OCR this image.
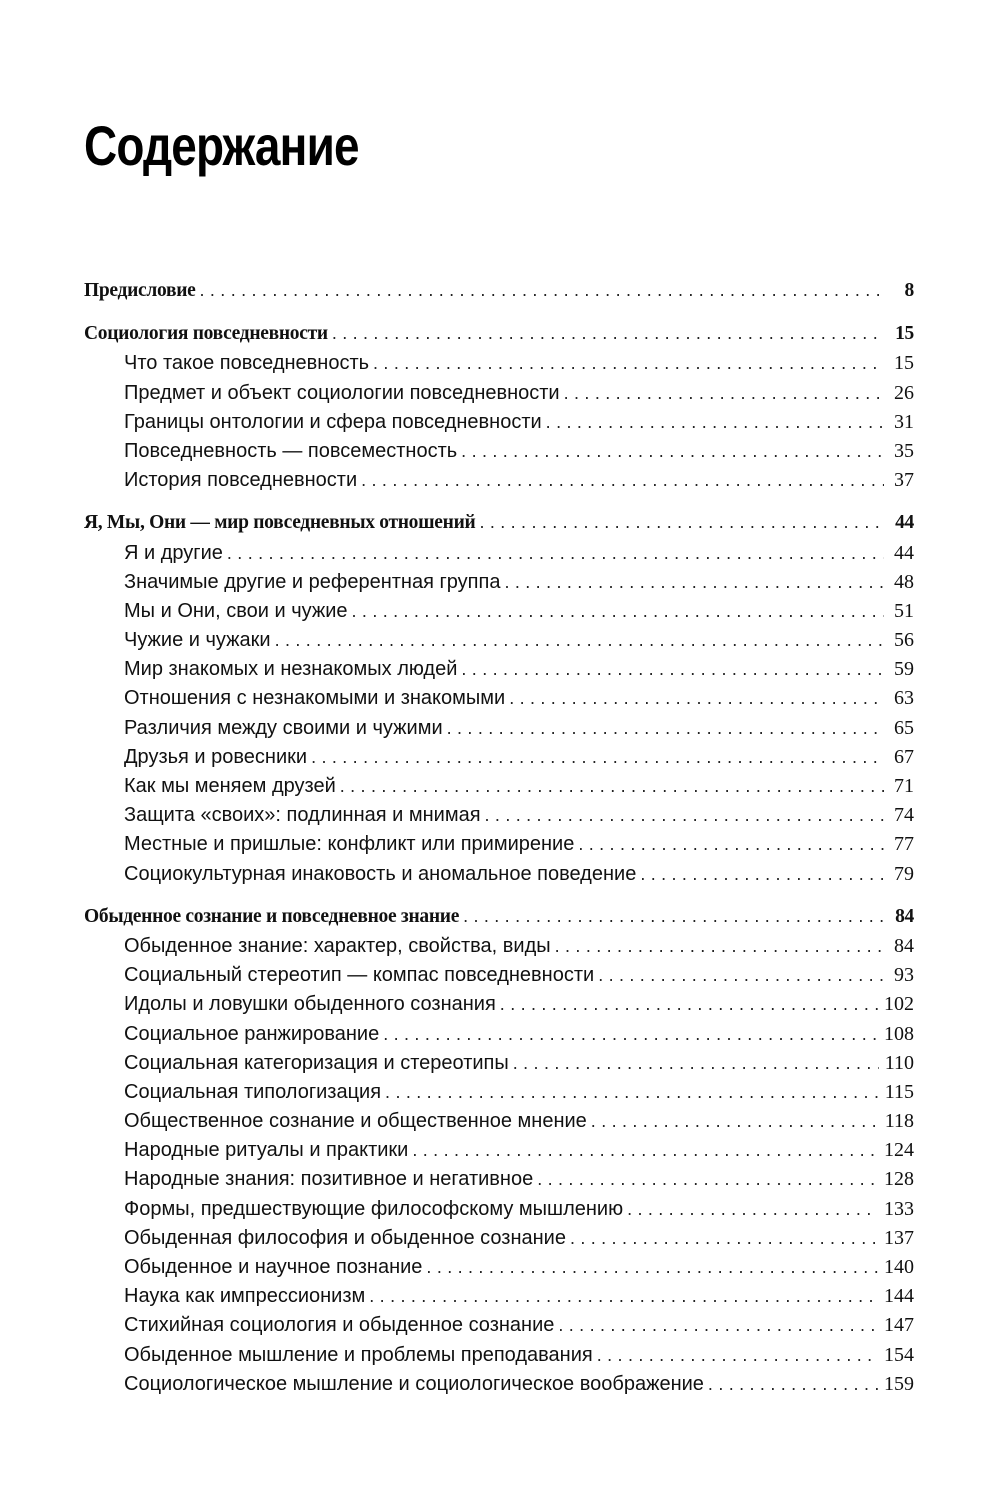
Содержание
Предисловие . . .	8
Социология повседневности . . .	15
Что такое повседневность . . .	15
Предмет и объект социологии повседневности . . .	26
Границы онтологии и сфера повседневности . . .	31
Повседневность — повсеместность . . .	35
История повседневности . . .	37
Я, Мы, Они — мир повседневных отношений . . .	44
Я и другие . . .	44
Значимые другие и референтная группа . . .	48
Мы и Они, свои и чужие . . .	51
Чужие и чужаки . . .	56
Мир знакомых и незнакомых людей . . .	59
Отношения с незнакомыми и знакомыми . . .	63
Различия между своими и чужими . . .	65
Друзья и ровесники . . .	67
Как мы меняем друзей . . .	71
Защита «своих»: подлинная и мнимая . . .	74
Местные и пришлые: конфликт или примирение . . .	77
Социокультурная инаковость и аномальное поведение . . .	79
Обыденное сознание и повседневное знание . . .	84
Обыденное знание: характер, свойства, виды . . .	84
Социальный стереотип — компас повседневности . . .	93
Идолы и ловушки обыденного сознания . . .	102
Социальное ранжирование . . .	108
Социальная категоризация и стереотипы . . .	110
Социальная типологизация . . .	115
Общественное сознание и общественное мнение . . .	118
Народные ритуалы и практики . . .	124
Народные знания: позитивное и негативное . . .	128
Формы, предшествующие философскому мышлению . . .	133
Обыденная философия и обыденное сознание . . .	137
Обыденное и научное познание . . .	140
Наука как импрессионизм . . .	144
Стихийная социология и обыденное сознание . . .	147
Обыденное мышление и проблемы преподавания . . .	154
Социологическое мышление и социологическое воображение . . .	159
